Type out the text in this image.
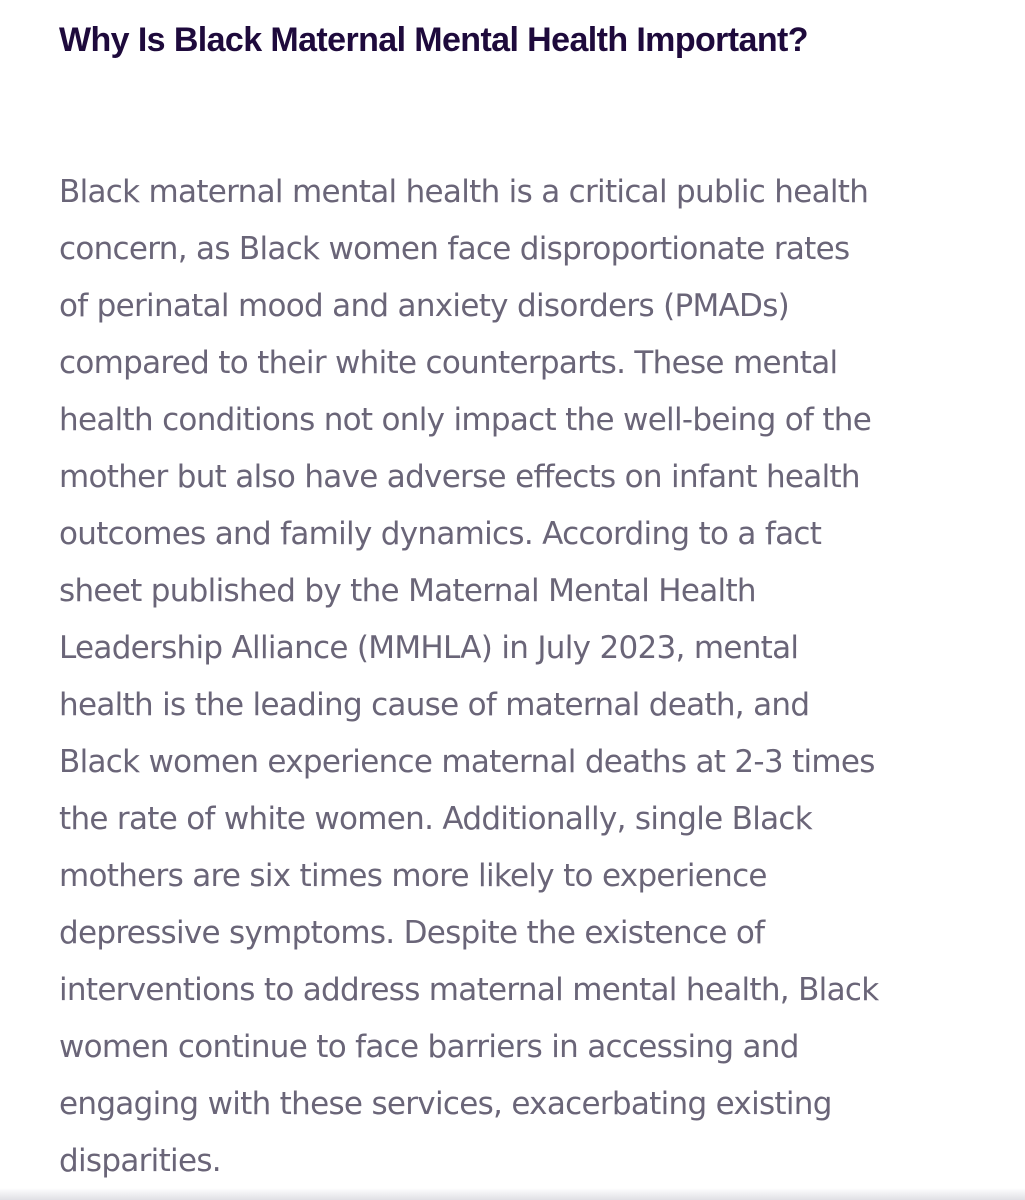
Why Is Black Maternal Mental Health Important?

Black maternal mental health is a critical public health

concern, as Black women face disproportionate rates

of perinatal mood and anxiety disorders (PMADs)

compared to their white counterparts. These mental

health conditions not only impact the well-being of the

mother but also have adverse effects on infant health

outcomes and family dynamics. According to a fact

sheet published by the Maternal Mental Health

Leadership Alliance (MMHLA) in July 2023, mental

health is the leading cause of maternal death, and

Black women experience maternal deaths at 2-3 times

the rate of white women. Additionally, single Black

mothers are six times more likely to experience

depressive symptoms. Despite the existence of

interventions to address maternal mental health, Black

women continue to face barriers in accessing and

engaging with these services, exacerbating existing

disparities.
